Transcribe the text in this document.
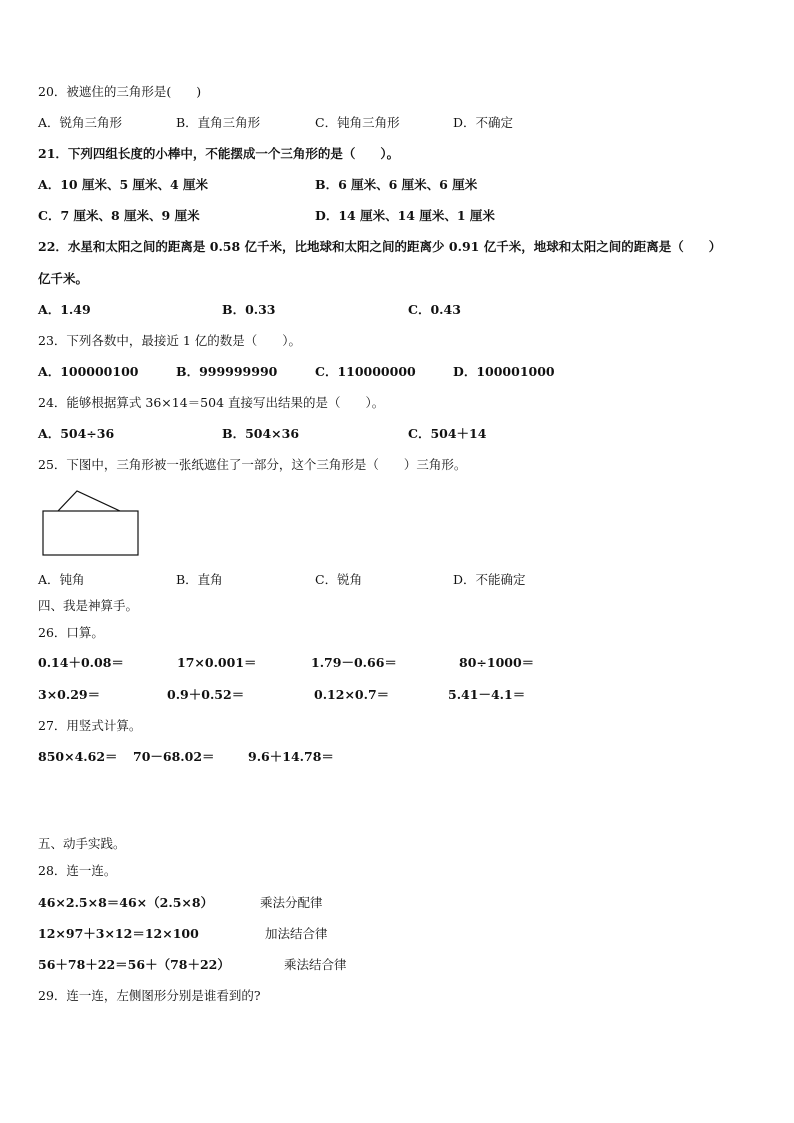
20．被遮住的三角形是(　　)
A．锐角三角形	B．直角三角形	C．钝角三角形	D．不确定
21．下列四组长度的小棒中，不能摆成一个三角形的是（　　）。
A．10 厘米、5 厘米、4 厘米	B．6 厘米、6 厘米、6 厘米
C．7 厘米、8 厘米、9 厘米	D．14 厘米、14 厘米、1 厘米
22．水星和太阳之间的距离是 0.58 亿千米，比地球和太阳之间的距离少 0.91 亿千米，地球和太阳之间的距离是（　　）
亿千米。
A．1.49	B．0.33	C．0.43
23．下列各数中，最接近 1 亿的数是（　　）。
A．100000100	B．999999990	C．110000000	D．100001000
24．能够根据算式 36×14＝504 直接写出结果的是（　　）。
A．504÷36	B．504×36	C．504＋14
25．下图中，三角形被一张纸遮住了一部分，这个三角形是（　　）三角形。
A．钝角	B．直角	C．锐角	D．不能确定
四、我是神算手。
26．口算。
0.14＋0.08＝	17×0.001＝	1.79－0.66＝	80÷1000＝
3×0.29＝	0.9＋0.52＝	0.12×0.7＝	5.41－4.1＝
27．用竖式计算。
850×4.62＝ 70－68.02＝	9.6＋14.78＝
五、动手实践。
28．连一连。
46×2.5×8＝46×（2.5×8）	乘法分配律
12×97＋3×12＝12×100	加法结合律
56＋78＋22＝56＋（78＋22）	乘法结合律
29．连一连，左侧图形分别是谁看到的?
